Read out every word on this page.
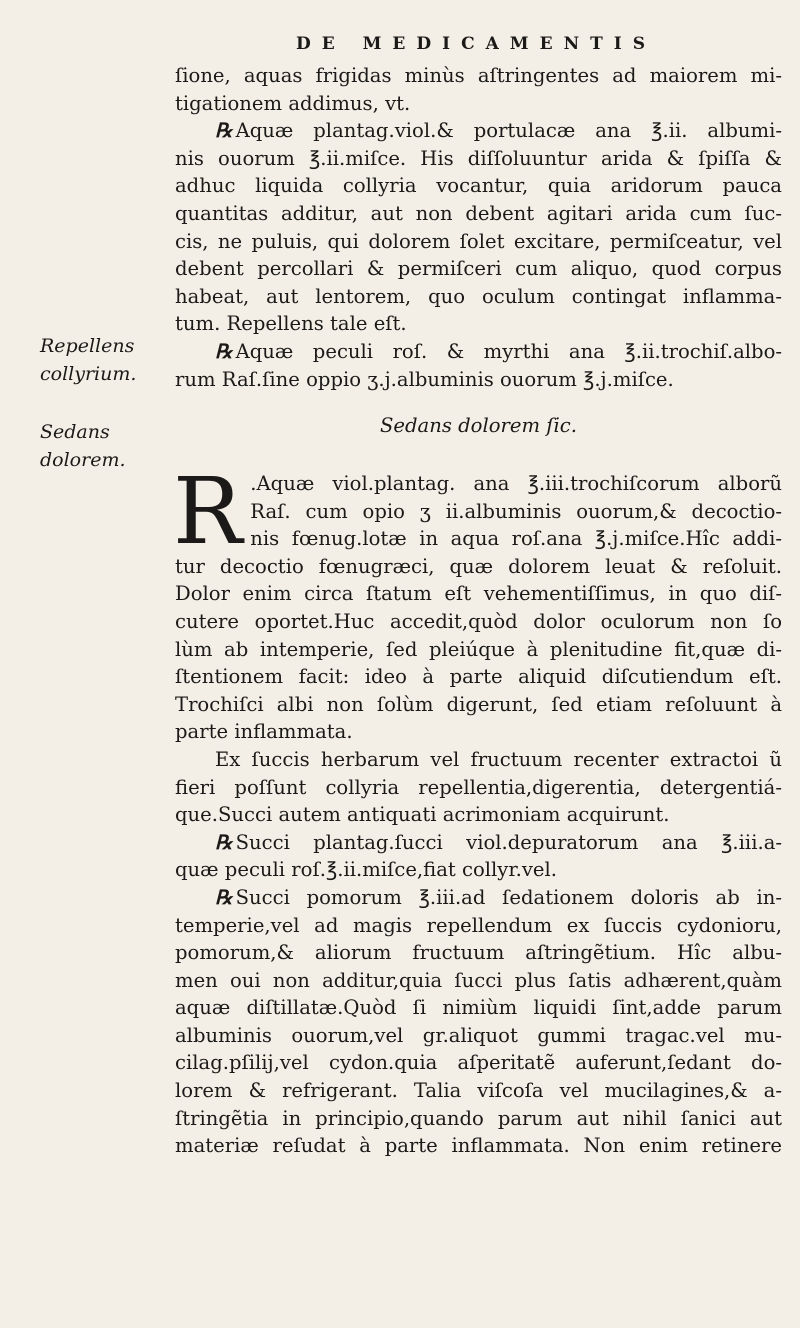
DE MEDICAMENTIS
Repellens collyrium.
Sedans dolorem.
ſione, aquas frigidas minùs aſtringentes ad maiorem mi-
tigationem addimus, vt.
℞ Aquæ plantag.viol.& portulacæ ana ℥.ii. albumi-
nis ouorum ℥.ii.miſce. His diſſoluuntur arida & ſpiſſa &
adhuc liquida collyria vocantur, quia aridorum pauca
quantitas additur, aut non debent agitari arida cum ſuc-
cis, ne puluis, qui dolorem ſolet excitare, permiſceatur, vel
debent percollari & permiſceri cum aliquo, quod corpus
habeat, aut lentorem, quo oculum contingat inflamma-
tum. Repellens tale eſt.
℞ Aquæ peculi roſ. & myrthi ana ℥.ii.trochiſ.albo-
rum Raſ.ſine oppio ʒ.j.albuminis ouorum ℥.j.miſce.
Sedans dolorem ſic.
R .Aquæ viol.plantag. ana ℥.iii.trochiſcorum alborũ
Raſ. cum opio ʒ ii.albuminis ouorum,& decoctio-
nis fœnug.lotæ in aqua roſ.ana ℥.j.miſce.Hîc addi-
tur decoctio fœnugræci, quæ dolorem leuat & reſoluit.
Dolor enim circa ſtatum eſt vehementiſſimus, in quo diſ-
cutere oportet.Huc accedit,quòd dolor oculorum non ſo
lùm ab intemperie, ſed pleiúque à plenitudine fit,quæ di-
ſtentionem facit: ideo à parte aliquid diſcutiendum eſt.
Trochiſci albi non ſolùm digerunt, ſed etiam reſoluunt à
parte inflammata.
Ex ſuccis herbarum vel fructuum recenter extractoi ũ
fieri poſſunt collyria repellentia,digerentia, detergentiá-
que.Succi autem antiquati acrimoniam acquirunt.
℞ Succi plantag.ſucci viol.depuratorum ana ℥.iii.a-
quæ peculi roſ.℥.ii.miſce,fiat collyr.vel.
℞ Succi pomorum ℥.iii.ad ſedationem doloris ab in-
temperie,vel ad magis repellendum ex ſuccis cydonioru,
pomorum,& aliorum fructuum aſtringẽtium. Hîc albu-
men oui non additur,quia ſucci plus ſatis adhærent,quàm
aquæ diſtillatæ.Quòd ſi nimiùm liquidi ſint,adde parum
albuminis ouorum,vel gr.aliquot gummi tragac.vel mu-
cilag.pſilij,vel cydon.quia aſperitatẽ auferunt,ſedant do-
lorem & refrigerant. Talia viſcoſa vel mucilagines,& a-
ſtringẽtia in principio,quando parum aut nihil ſanici aut
materiæ reſudat à parte inflammata. Non enim retinere
